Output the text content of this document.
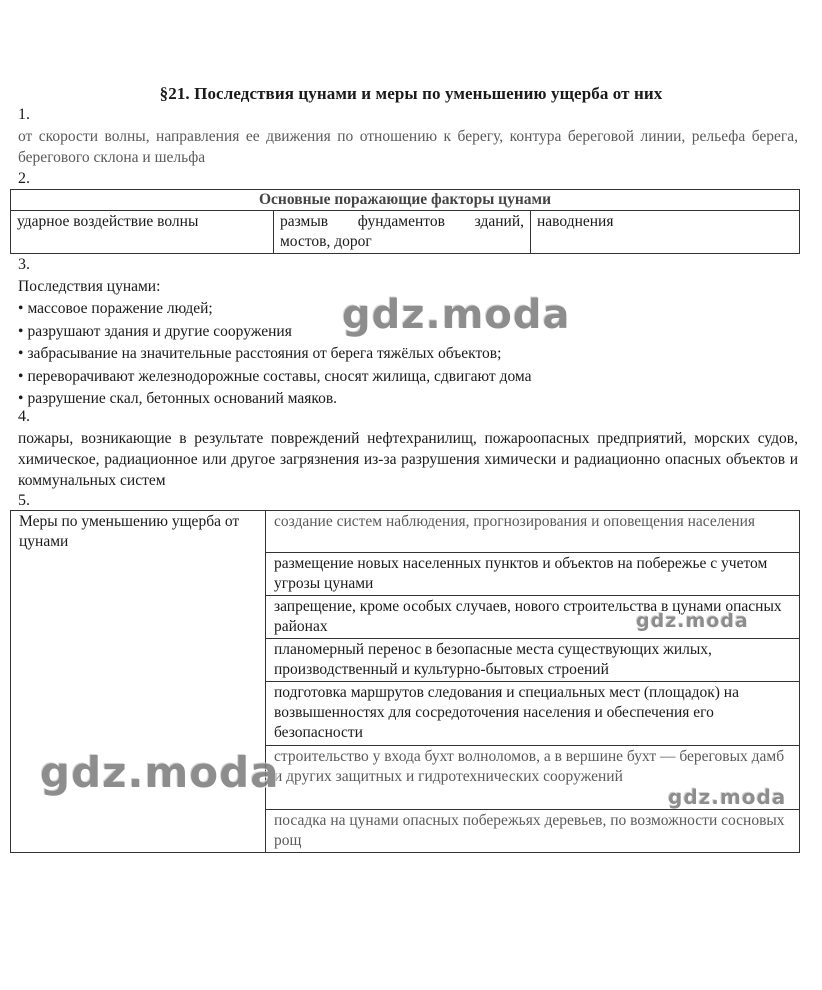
§21. Последствия цунами и меры по уменьшению ущерба от них
1.
от скорости волны, направления ее движения по отношению к берегу, контура береговой линии, рельефа берега, берегового склона и шельфа
2.
Основные поражающие факторы цунами
ударное воздействие волны	размыв фундаментов зданий, мостов, дорог	наводнения
3.
Последствия цунами:
• массовое поражение людей;
• разрушают здания и другие сооружения
• забрасывание на значительные расстояния от берега тяжёлых объектов;
• переворачивают железнодорожные составы, сносят жилища, сдвигают дома
• разрушение скал, бетонных оснований маяков.
4.
пожары, возникающие в результате повреждений нефтехранилищ, пожароопасных предприятий, морских судов, химическое, радиационное или другое загрязнения из-за разрушения химически и радиационно опасных объектов и коммунальных систем
5.
Меры по уменьшению ущерба от цунами	создание систем наблюдения, прогнозирования и оповещения населения
размещение новых населенных пунктов и объектов на побережье с учетом угрозы цунами
запрещение, кроме особых случаев, нового строительства в цунами опасных районах
планомерный перенос в безопасные места существующих жилых, производственный и культурно-бытовых строений
подготовка маршрутов следования и специальных мест (площадок) на возвышенностях для сосредоточения населения и обеспечения его безопасности
строительство у входа бухт волноломов, а в вершине бухт — береговых дамб и других защитных и гидротехнических сооружений
посадка на цунами опасных побережьях деревьев, по возможности сосновых рощ
gdz.moda
gdz.moda
gdz.moda
gdz.moda
